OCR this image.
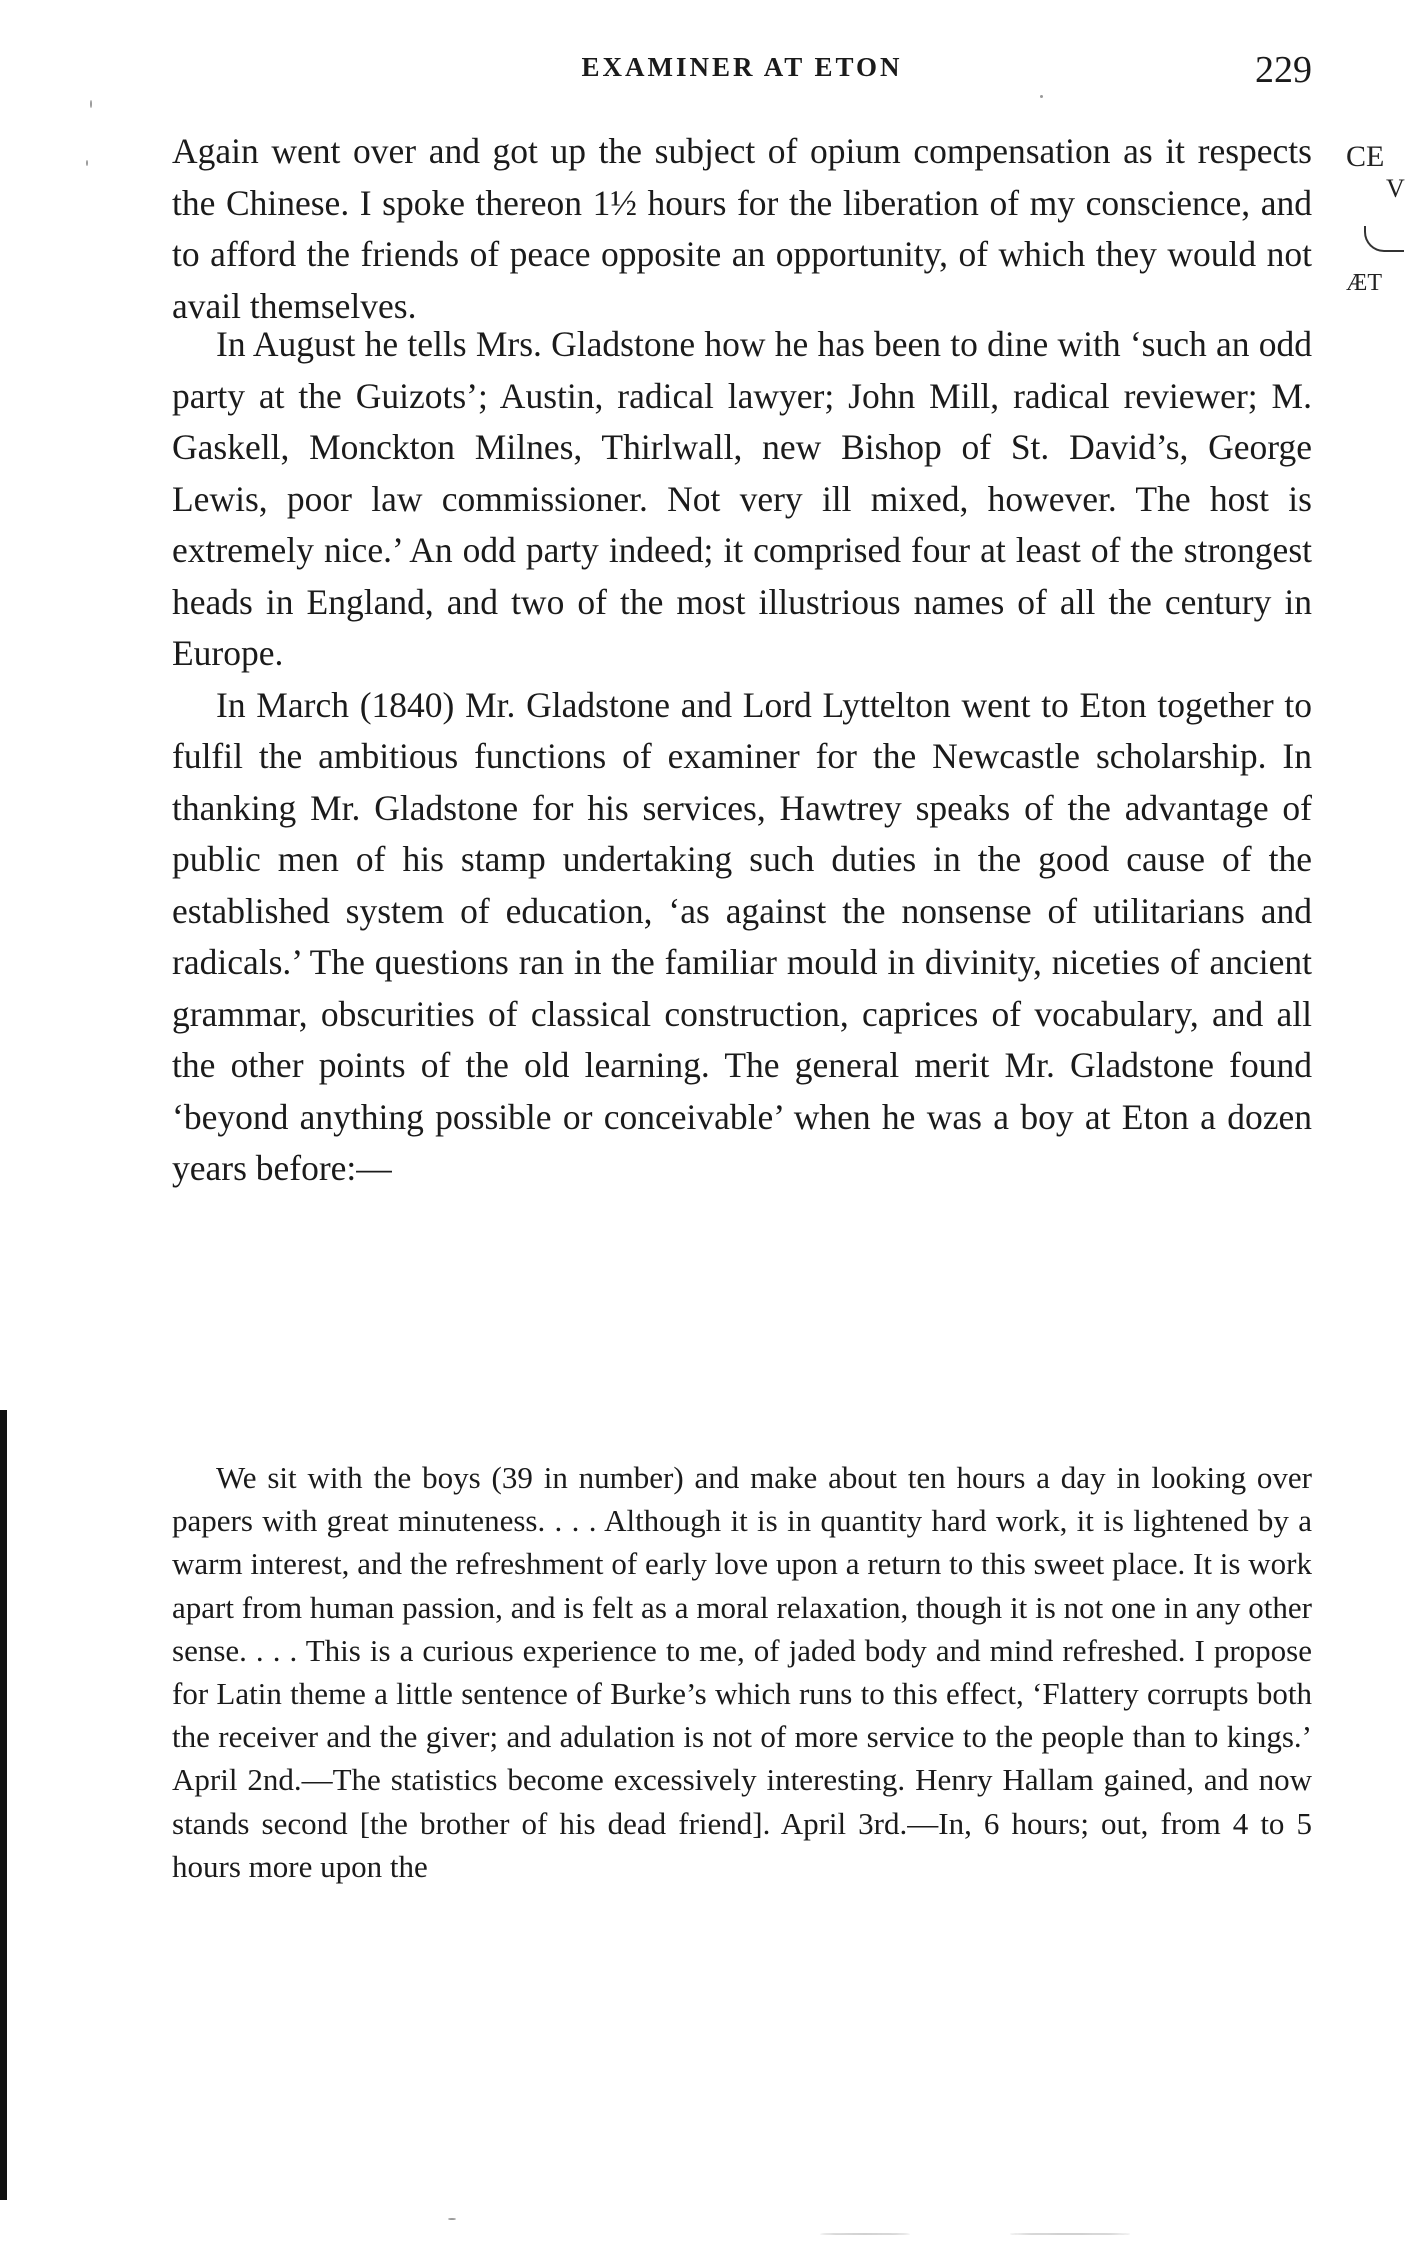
EXAMINER AT ETON	229

Again went over and got up the subject of opium compensation as it respects the Chinese. I spoke thereon 1½ hours for the liberation of my conscience, and to afford the friends of peace opposite an opportunity, of which they would not avail themselves.

In August he tells Mrs. Gladstone how he has been to dine with ‘such an odd party at the Guizots’; Austin, radical lawyer; John Mill, radical reviewer; M. Gaskell, Monckton Milnes, Thirlwall, new Bishop of St. David’s, George Lewis, poor law commissioner. Not very ill mixed, however. The host is extremely nice.’ An odd party indeed; it comprised four at least of the strongest heads in England, and two of the most illustrious names of all the century in Europe.

In March (1840) Mr. Gladstone and Lord Lyttelton went to Eton together to fulfil the ambitious functions of examiner for the Newcastle scholarship. In thanking Mr. Gladstone for his services, Hawtrey speaks of the advantage of public men of his stamp undertaking such duties in the good cause of the established system of education, ‘as against the nonsense of utilitarians and radicals.’ The questions ran in the familiar mould in divinity, niceties of ancient grammar, obscurities of classical construction, caprices of vocabulary, and all the other points of the old learning. The general merit Mr. Gladstone found ‘beyond anything possible or conceivable’ when he was a boy at Eton a dozen years before:—

We sit with the boys (39 in number) and make about ten hours a day in looking over papers with great minuteness. . . . Although it is in quantity hard work, it is lightened by a warm interest, and the refreshment of early love upon a return to this sweet place. It is work apart from human passion, and is felt as a moral relaxation, though it is not one in any other sense. . . . This is a curious experience to me, of jaded body and mind refreshed. I propose for Latin theme a little sentence of Burke’s which runs to this effect, ‘Flattery corrupts both the receiver and the giver; and adulation is not of more service to the people than to kings.’ April 2nd.—The statistics become excessively interesting. Henry Hallam gained, and now stands second [the brother of his dead friend]. April 3rd.—In, 6 hours; out, from 4 to 5 hours more upon the

CE
V
ÆT
